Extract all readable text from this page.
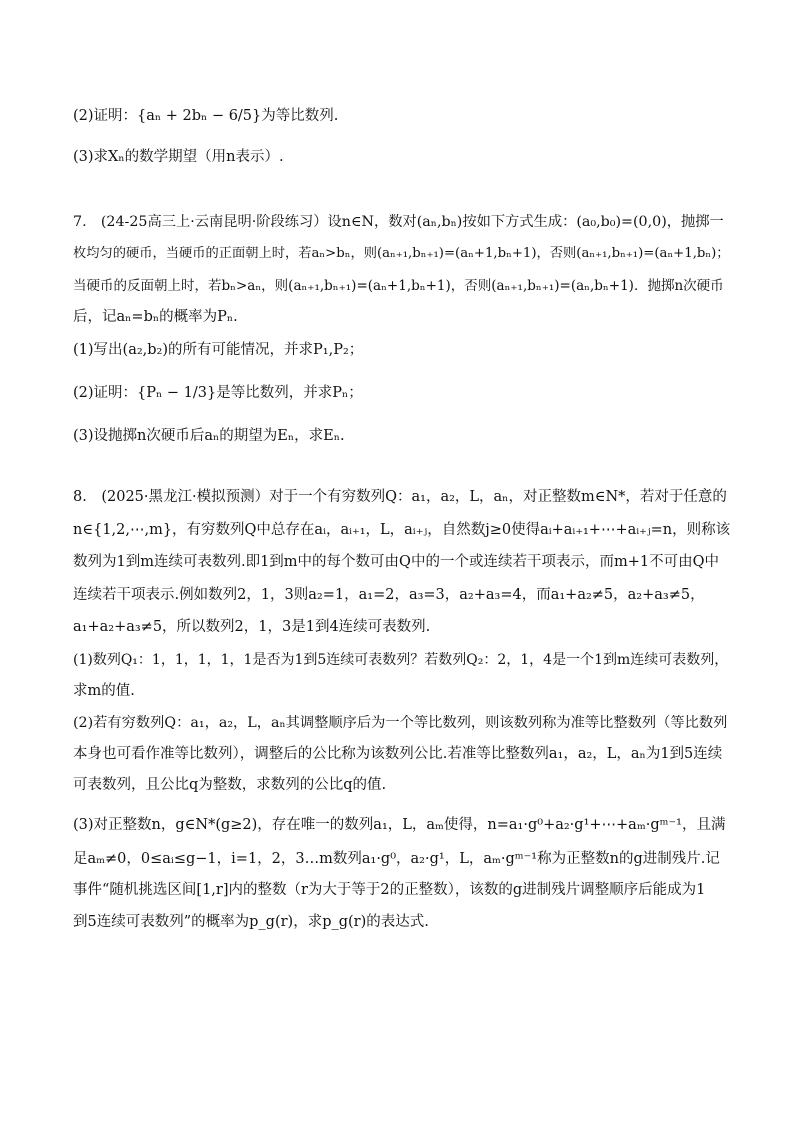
(2)证明：{aₙ + 2bₙ − 6/5}为等比数列.
(3)求Xₙ的数学期望（用n表示）.
7.　(24-25高三上·云南昆明·阶段练习）设n∈N，数对(aₙ,bₙ)按如下方式生成：(a₀,b₀)=(0,0)，抛掷一
枚均匀的硬币，当硬币的正面朝上时，若aₙ>bₙ，则(aₙ₊₁,bₙ₊₁)=(aₙ+1,bₙ+1)，否则(aₙ₊₁,bₙ₊₁)=(aₙ+1,bₙ)；
当硬币的反面朝上时，若bₙ>aₙ，则(aₙ₊₁,bₙ₊₁)=(aₙ+1,bₙ+1)，否则(aₙ₊₁,bₙ₊₁)=(aₙ,bₙ+1)．抛掷n次硬币
后，记aₙ=bₙ的概率为Pₙ.
(1)写出(a₂,b₂)的所有可能情况，并求P₁,P₂；
(2)证明：{Pₙ − 1/3}是等比数列，并求Pₙ；
(3)设抛掷n次硬币后aₙ的期望为Eₙ，求Eₙ.
8.　(2025·黑龙江·模拟预测）对于一个有穷数列Q：a₁，a₂，L，aₙ，对正整数m∈N*，若对于任意的
n∈{1,2,⋯,m}，有穷数列Q中总存在aᵢ，aᵢ₊₁，L，aᵢ₊ⱼ，自然数j≥0使得aᵢ+aᵢ₊₁+⋯+aᵢ₊ⱼ=n，则称该
数列为1到m连续可表数列.即1到m中的每个数可由Q中的一个或连续若干项表示，而m+1不可由Q中
连续若干项表示.例如数列2，1，3则a₂=1，a₁=2，a₃=3，a₂+a₃=4，而a₁+a₂≠5，a₂+a₃≠5，
a₁+a₂+a₃≠5，所以数列2，1，3是1到4连续可表数列.
(1)数列Q₁：1，1，1，1，1是否为1到5连续可表数列？若数列Q₂：2，1，4是一个1到m连续可表数列，
求m的值.
(2)若有穷数列Q：a₁，a₂，L，aₙ其调整顺序后为一个等比数列，则该数列称为准等比整数列（等比数列
本身也可看作准等比数列），调整后的公比称为该数列公比.若准等比整数列a₁，a₂，L，aₙ为1到5连续
可表数列，且公比q为整数，求数列的公比q的值.
(3)对正整数n，g∈N*(g≥2)，存在唯一的数列a₁，L，aₘ使得，n=a₁·g⁰+a₂·g¹+⋯+aₘ·gᵐ⁻¹，且满
足aₘ≠0，0≤aᵢ≤g−1，i=1，2，3…m数列a₁·g⁰，a₂·g¹，L，aₘ·gᵐ⁻¹称为正整数n的g进制残片.记
事件“随机挑选区间[1,r]内的整数（r为大于等于2的正整数），该数的g进制残片调整顺序后能成为1
到5连续可表数列”的概率为p_g(r)，求p_g(r)的表达式.
